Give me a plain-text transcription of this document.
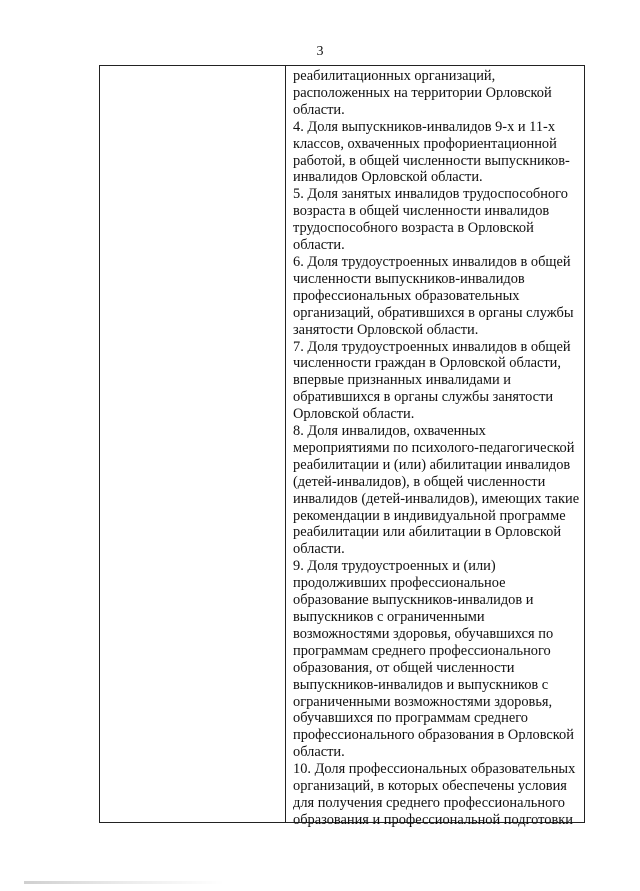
3
реабилитационных организаций,
расположенных на территории Орловской
области.
4. Доля выпускников-инвалидов 9-х и 11-х
классов, охваченных профориентационной
работой, в общей численности выпускников-
инвалидов Орловской области.
5. Доля занятых инвалидов трудоспособного
возраста в общей численности инвалидов
трудоспособного возраста в Орловской
области.
6. Доля трудоустроенных инвалидов в общей
численности выпускников-инвалидов
профессиональных образовательных
организаций, обратившихся в органы службы
занятости Орловской области.
7. Доля трудоустроенных инвалидов в общей
численности граждан в Орловской области,
впервые признанных инвалидами и
обратившихся в органы службы занятости
Орловской области.
8. Доля инвалидов, охваченных
мероприятиями по психолого-педагогической
реабилитации и (или) абилитации инвалидов
(детей-инвалидов), в общей численности
инвалидов (детей-инвалидов), имеющих такие
рекомендации в индивидуальной программе
реабилитации или абилитации в Орловской
области.
9. Доля трудоустроенных и (или)
продолживших профессиональное
образование выпускников-инвалидов и
выпускников с ограниченными
возможностями здоровья, обучавшихся по
программам среднего профессионального
образования, от общей численности
выпускников-инвалидов и выпускников с
ограниченными возможностями здоровья,
обучавшихся по программам среднего
профессионального образования в Орловской
области.
10. Доля профессиональных образовательных
организаций, в которых обеспечены условия
для получения среднего профессионального
образования и профессиональной подготовки
